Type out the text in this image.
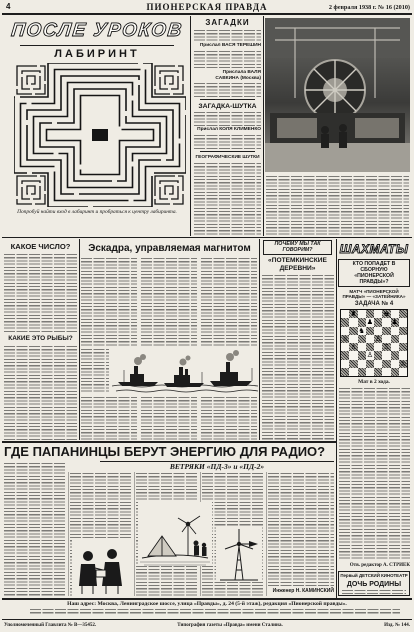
4	ПИОНЕРСКАЯ ПРАВДА	2 февраля 1938 г. № 16 (2010)
ПОСЛЕ УРОКОВ
ЛАБИРИНТ
Попробуй найти вход в лабиринт и пробраться к центру лабиринта.
ЗАГАДКИ
Прислал ВАСЯ ТЕРЕШИН
Прислала ВАЛЯ САВКИНА (Москва)
ЗАГАДКА-ШУТКА
Прислал КОЛЯ КЛИМЕНКО
ГЕОГРАФИЧЕСКИЕ ШУТКИ
КАКОЕ ЧИСЛО?
КАКИЕ ЭТО РЫБЫ?
Эскадра, управляемая магнитом	ПОЧЕМУ МЫ ТАК ГОВОРИМ?
«ПОТЕМКИНСКИЕ ДЕРЕВНИ»
ШАХМАТЫ
КТО ПОПАДЕТ В СБОРНУЮ «ПИОНЕРСКОЙ ПРАВДЫ»?
МАТЧ «ПИОНЕРСКОЙ ПРАВДЫ» — «ЗАТЕЙНИКА»
ЗАДАЧА № 4
♜	♚
♟	♟
♞
♕	♙
♗	♖
♙
♔
Мат в 2 хода.
Отв. редактор А. СТРИЕК
Первый ДЕТСКИЙ КИНОТЕАТР
ДОЧЬ РОДИНЫ
ГДЕ ПАПАНИНЦЫ БЕРУТ ЭНЕРГИЮ ДЛЯ РАДИО?
ВЕТРЯКИ «ПД-3» и «ПД-2»
Инженер Н. КАМИНСКИЙ
Наш адрес: Москва, Ленинградское шоссе, улица «Правды», д. 24 (5-й этаж), редакция «Пионерской правды».
Уполномоченный Главлита № В—35452.	Типография газеты «Правда» имени Сталина.	Изд. № 144.
